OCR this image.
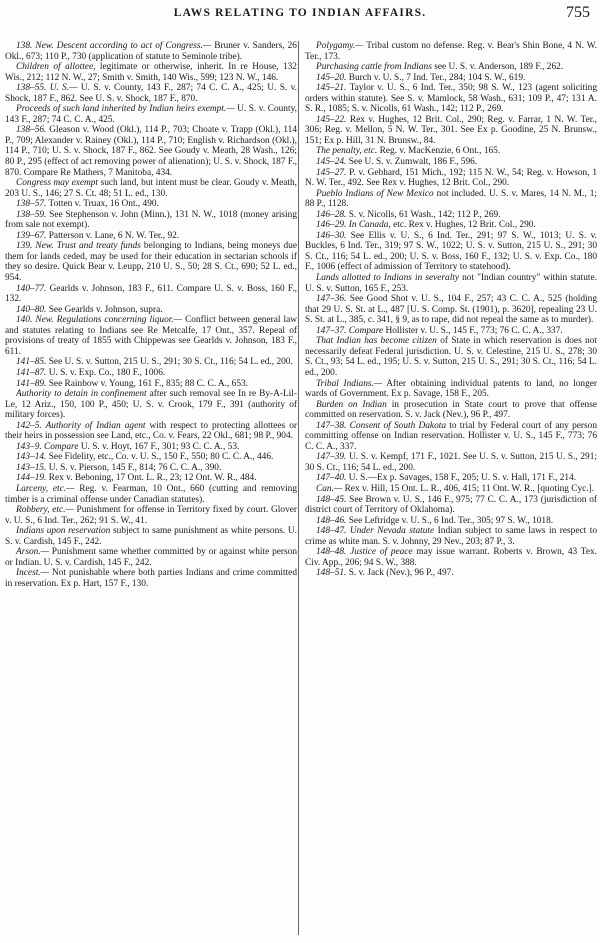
LAWS RELATING TO INDIAN AFFAIRS.	755

138. New. Descent according to act of Congress.— Bruner v. Sanders, 26 Okl., 673; 110 P., 730 (application of statute to Seminole tribe).

Children of allottee, legitimate or otherwise, inherit. In re House, 132 Wis., 212; 112 N. W., 27; Smith v. Smith, 140 Wis., 599; 123 N. W., 146.

138–55. U. S.— U. S. v. County, 143 F., 287; 74 C. C. A., 425; U. S. v. Shock, 187 F., 862. See U. S. v. Shock, 187 F., 870.

Proceeds of such land inherited by Indian heirs exempt.— U. S. v. County, 143 F., 287; 74 C. C. A., 425.

138–56. Gleason v. Wood (Okl.), 114 P., 703; Choate v. Trapp (Okl.), 114 P., 709; Alexander v. Rainey (Okl.), 114 P., 710; English v. Richardson (Okl.), 114 P., 710; U. S. v. Shock, 187 F., 862. See Goudy v. Meath, 28 Wash., 126; 80 P., 295 (effect of act removing power of alienation); U. S. v. Shock, 187 F., 870. Compare Re Mathers, 7 Manitoba, 434.

Congress may exempt such land, but intent must be clear. Goudy v. Meath, 203 U. S., 146; 27 S. Ct. 48; 51 L. ed., 130.

138–57. Totten v. Truax, 16 Ont., 490.

138–59. See Stephenson v. John (Minn.), 131 N. W., 1018 (money arising from sale not exempt).

139–67. Patterson v. Lane, 6 N. W. Ter., 92.

139. New. Trust and treaty funds belonging to Indians, being moneys due them for lands ceded, may be used for their education in sectarian schools if they so desire. Quick Bear v. Leupp, 210 U. S., 50; 28 S. Ct., 690; 52 L. ed., 954.

140–77. Gearlds v. Johnson, 183 F., 611. Compare U. S. v. Boss, 160 F., 132.

140–80. See Gearlds v. Johnson, supra.

140. New. Regulations concerning liquor.— Conflict between general law and statutes relating to Indians see Re Metcalfe, 17 Ont., 357. Repeal of provisions of treaty of 1855 with Chippewas see Gearlds v. Johnson, 183 F., 611.

141–85. See U. S. v. Sutton, 215 U. S., 291; 30 S. Ct., 116; 54 L. ed., 200.

141–87. U. S. v. Exp. Co., 180 F., 1006.

141–89. See Rainbow v. Young, 161 F., 835; 88 C. C. A., 653.

Authority to detain in confinement after such removal see In re By-A-Lil-Le, 12 Ariz., 150, 100 P., 450; U. S. v. Crook, 179 F., 391 (authority of military forces).

142–5. Authority of Indian agent with respect to protecting allottees or their heirs in possession see Land, etc., Co. v. Fears, 22 Okl., 681; 98 P., 904.

143–9. Compare U. S. v. Hoyt, 167 F., 301; 93 C. C. A., 53.

143–14. See Fidelity, etc., Co. v. U. S., 150 F., 550; 80 C. C. A., 446.

143–15. U. S. v. Pierson, 145 F., 814; 76 C. C. A., 390.

144–19. Rex v. Beboning, 17 Ont. L. R., 23; 12 Ont. W. R., 484.

Larceny, etc.— Reg. v. Fearman, 10 Ont., 660 (cutting and removing timber is a criminal offense under Canadian statutes).

Robbery, etc.— Punishment for offense in Territory fixed by court. Glover v. U. S., 6 Ind. Ter., 262; 91 S. W., 41.

Indians upon reservation subject to same punishment as white persons. U. S. v. Cardish, 145 F., 242.

Arson.— Punishment same whether committed by or against white person or Indian. U. S. v. Cardish, 145 F., 242.

Incest.— Not punishable where both parties Indians and crime committed in reservation. Ex p. Hart, 157 F., 130.

Polygamy.— Tribal custom no defense. Reg. v. Bear's Shin Bone, 4 N. W. Ter., 173.

Purchasing cattle from Indians see U. S. v. Anderson, 189 F., 262.

145–20. Burch v. U. S., 7 Ind. Ter., 284; 104 S. W., 619.

145–21. Taylor v. U. S., 6 Ind. Ter., 350; 98 S. W., 123 (agent soliciting orders within statute). See S. v. Mamlock, 58 Wash., 631; 109 P., 47; 131 A. S. R., 1085; S. v. Nicolls, 61 Wash., 142; 112 P., 269.

145–22. Rex v. Hughes, 12 Brit. Col., 290; Reg. v. Farrar, 1 N. W. Ter., 306; Reg. v. Mellon, 5 N. W. Ter., 301. See Ex p. Goodine, 25 N. Brunsw., 151; Ex p. Hill, 31 N. Brunsw., 84.

The penalty, etc. Reg. v. MacKenzie, 6 Ont., 165.

145–24. See U. S. v. Zumwalt, 186 F., 596.

145–27. P. v. Gebhard, 151 Mich., 192; 115 N. W., 54; Reg. v. Howson, 1 N. W. Ter., 492. See Rex v. Hughes, 12 Brit. Col., 290.

Pueblo Indians of New Mexico not included. U. S. v. Mares, 14 N. M., 1; 88 P., 1128.

146–28. S. v. Nicolls, 61 Wash., 142; 112 P., 269.

146–29. In Canada, etc. Rex v. Hughes, 12 Brit. Col., 290.

146–30. See Ellis v. U. S., 6 Ind. Ter., 291; 97 S. W., 1013; U. S. v. Buckles, 6 Ind. Ter., 319; 97 S. W., 1022; U. S. v. Sutton, 215 U. S., 291; 30 S. Ct., 116; 54 L. ed., 200; U. S. v. Boss, 160 F., 132; U. S. v. Exp. Co., 180 F., 1006 (effect of admission of Territory to statehood).

Lands allotted to Indians in severalty not "Indian country" within statute. U. S. v. Sutton, 165 F., 253.

147–36. See Good Shot v. U. S., 104 F., 257; 43 C. C. A., 525 (holding that 29 U. S. St. at L., 487 [U. S. Comp. St. (1901), p. 3620], repealing 23 U. S. St. at L., 385, c. 341, § 9, as to rape, did not repeal the same as to murder).

147–37. Compare Hollister v. U. S., 145 F., 773; 76 C. C. A., 337.

That Indian has become citizen of State in which reservation is does not necessarily defeat Federal jurisdiction. U. S. v. Celestine, 215 U. S., 278; 30 S. Ct., 93; 54 L. ed., 195; U. S. v. Sutton, 215 U. S., 291; 30 S. Ct., 116; 54 L. ed., 200.

Tribal Indians.— After obtaining individual patents to land, no longer wards of Government. Ex p. Savage, 158 F., 205.

Burden on Indian in prosecution in State court to prove that offense committed on reservation. S. v. Jack (Nev.), 96 P., 497.

147–38. Consent of South Dakota to trial by Federal court of any person committing offense on Indian reservation. Hollister v. U. S., 145 F., 773; 76 C. C. A., 337.

147–39. U. S. v. Kempf, 171 F., 1021. See U. S. v. Sutton, 215 U. S., 291; 30 S. Ct., 116; 54 L. ed., 200.

147–40. U. S.—Ex p. Savages, 158 F., 205; U. S. v. Hall, 171 F., 214.

Can.— Rex v. Hill, 15 Ont. L. R., 406, 415; 11 Ont. W. R., [quoting Cyc.].

148–45. See Brown v. U. S., 146 F., 975; 77 C. C. A., 173 (jurisdiction of district court of Territory of Oklahoma).

148–46. See Leftridge v. U. S., 6 Ind. Ter., 305; 97 S. W., 1018.

148–47. Under Nevada statute Indian subject to same laws in respect to crime as white man. S. v. Johnny, 29 Nev., 203; 87 P., 3.

148–48. Justice of peace may issue warrant. Roberts v. Brown, 43 Tex. Civ. App., 206; 94 S. W., 388.

148–51. S. v. Jack (Nev.), 96 P., 497.
